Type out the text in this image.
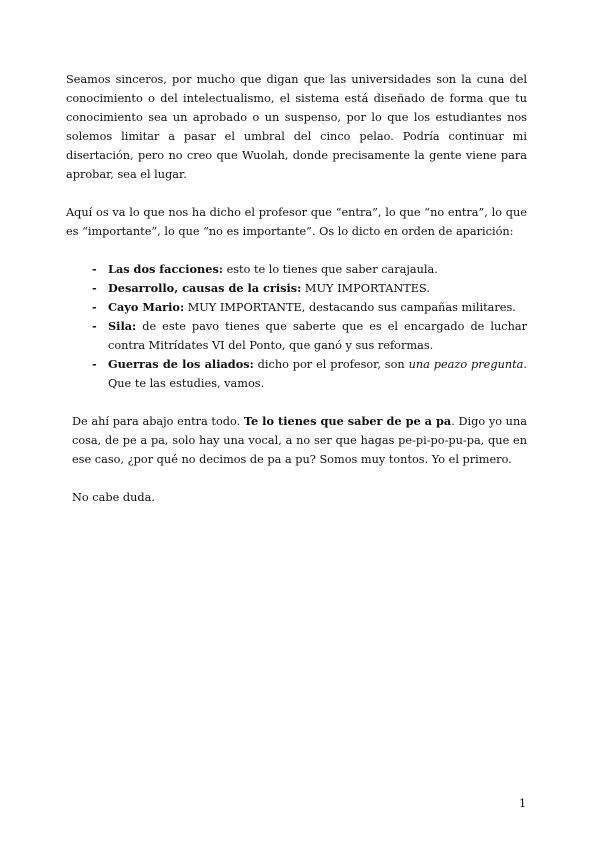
Seamos sinceros, por mucho que digan que las universidades son la cuna del conocimiento o del intelectualismo, el sistema está diseñado de forma que tu conocimiento sea un aprobado o un suspenso, por lo que los estudiantes nos solemos limitar a pasar el umbral del cinco pelao. Podría continuar mi disertación, pero no creo que Wuolah, donde precisamente la gente viene para aprobar, sea el lugar.

Aquí os va lo que nos ha dicho el profesor que “entra”, lo que “no entra”, lo que es “importante”, lo que “no es importante”. Os lo dicto en orden de aparición:

- Las dos facciones: esto te lo tienes que saber carajaula.
- Desarrollo, causas de la crisis: MUY IMPORTANTES.
- Cayo Mario: MUY IMPORTANTE, destacando sus campañas militares.
- Sila: de este pavo tienes que saberte que es el encargado de luchar contra Mitrídates VI del Ponto, que ganó y sus reformas.
- Guerras de los aliados: dicho por el profesor, son una peazo pregunta. Que te las estudies, vamos.

De ahí para abajo entra todo. Te lo tienes que saber de pe a pa. Digo yo una cosa, de pe a pa, solo hay una vocal, a no ser que hagas pe-pi-po-pu-pa, que en ese caso, ¿por qué no decimos de pa a pu? Somos muy tontos. Yo el primero.

No cabe duda.

1
